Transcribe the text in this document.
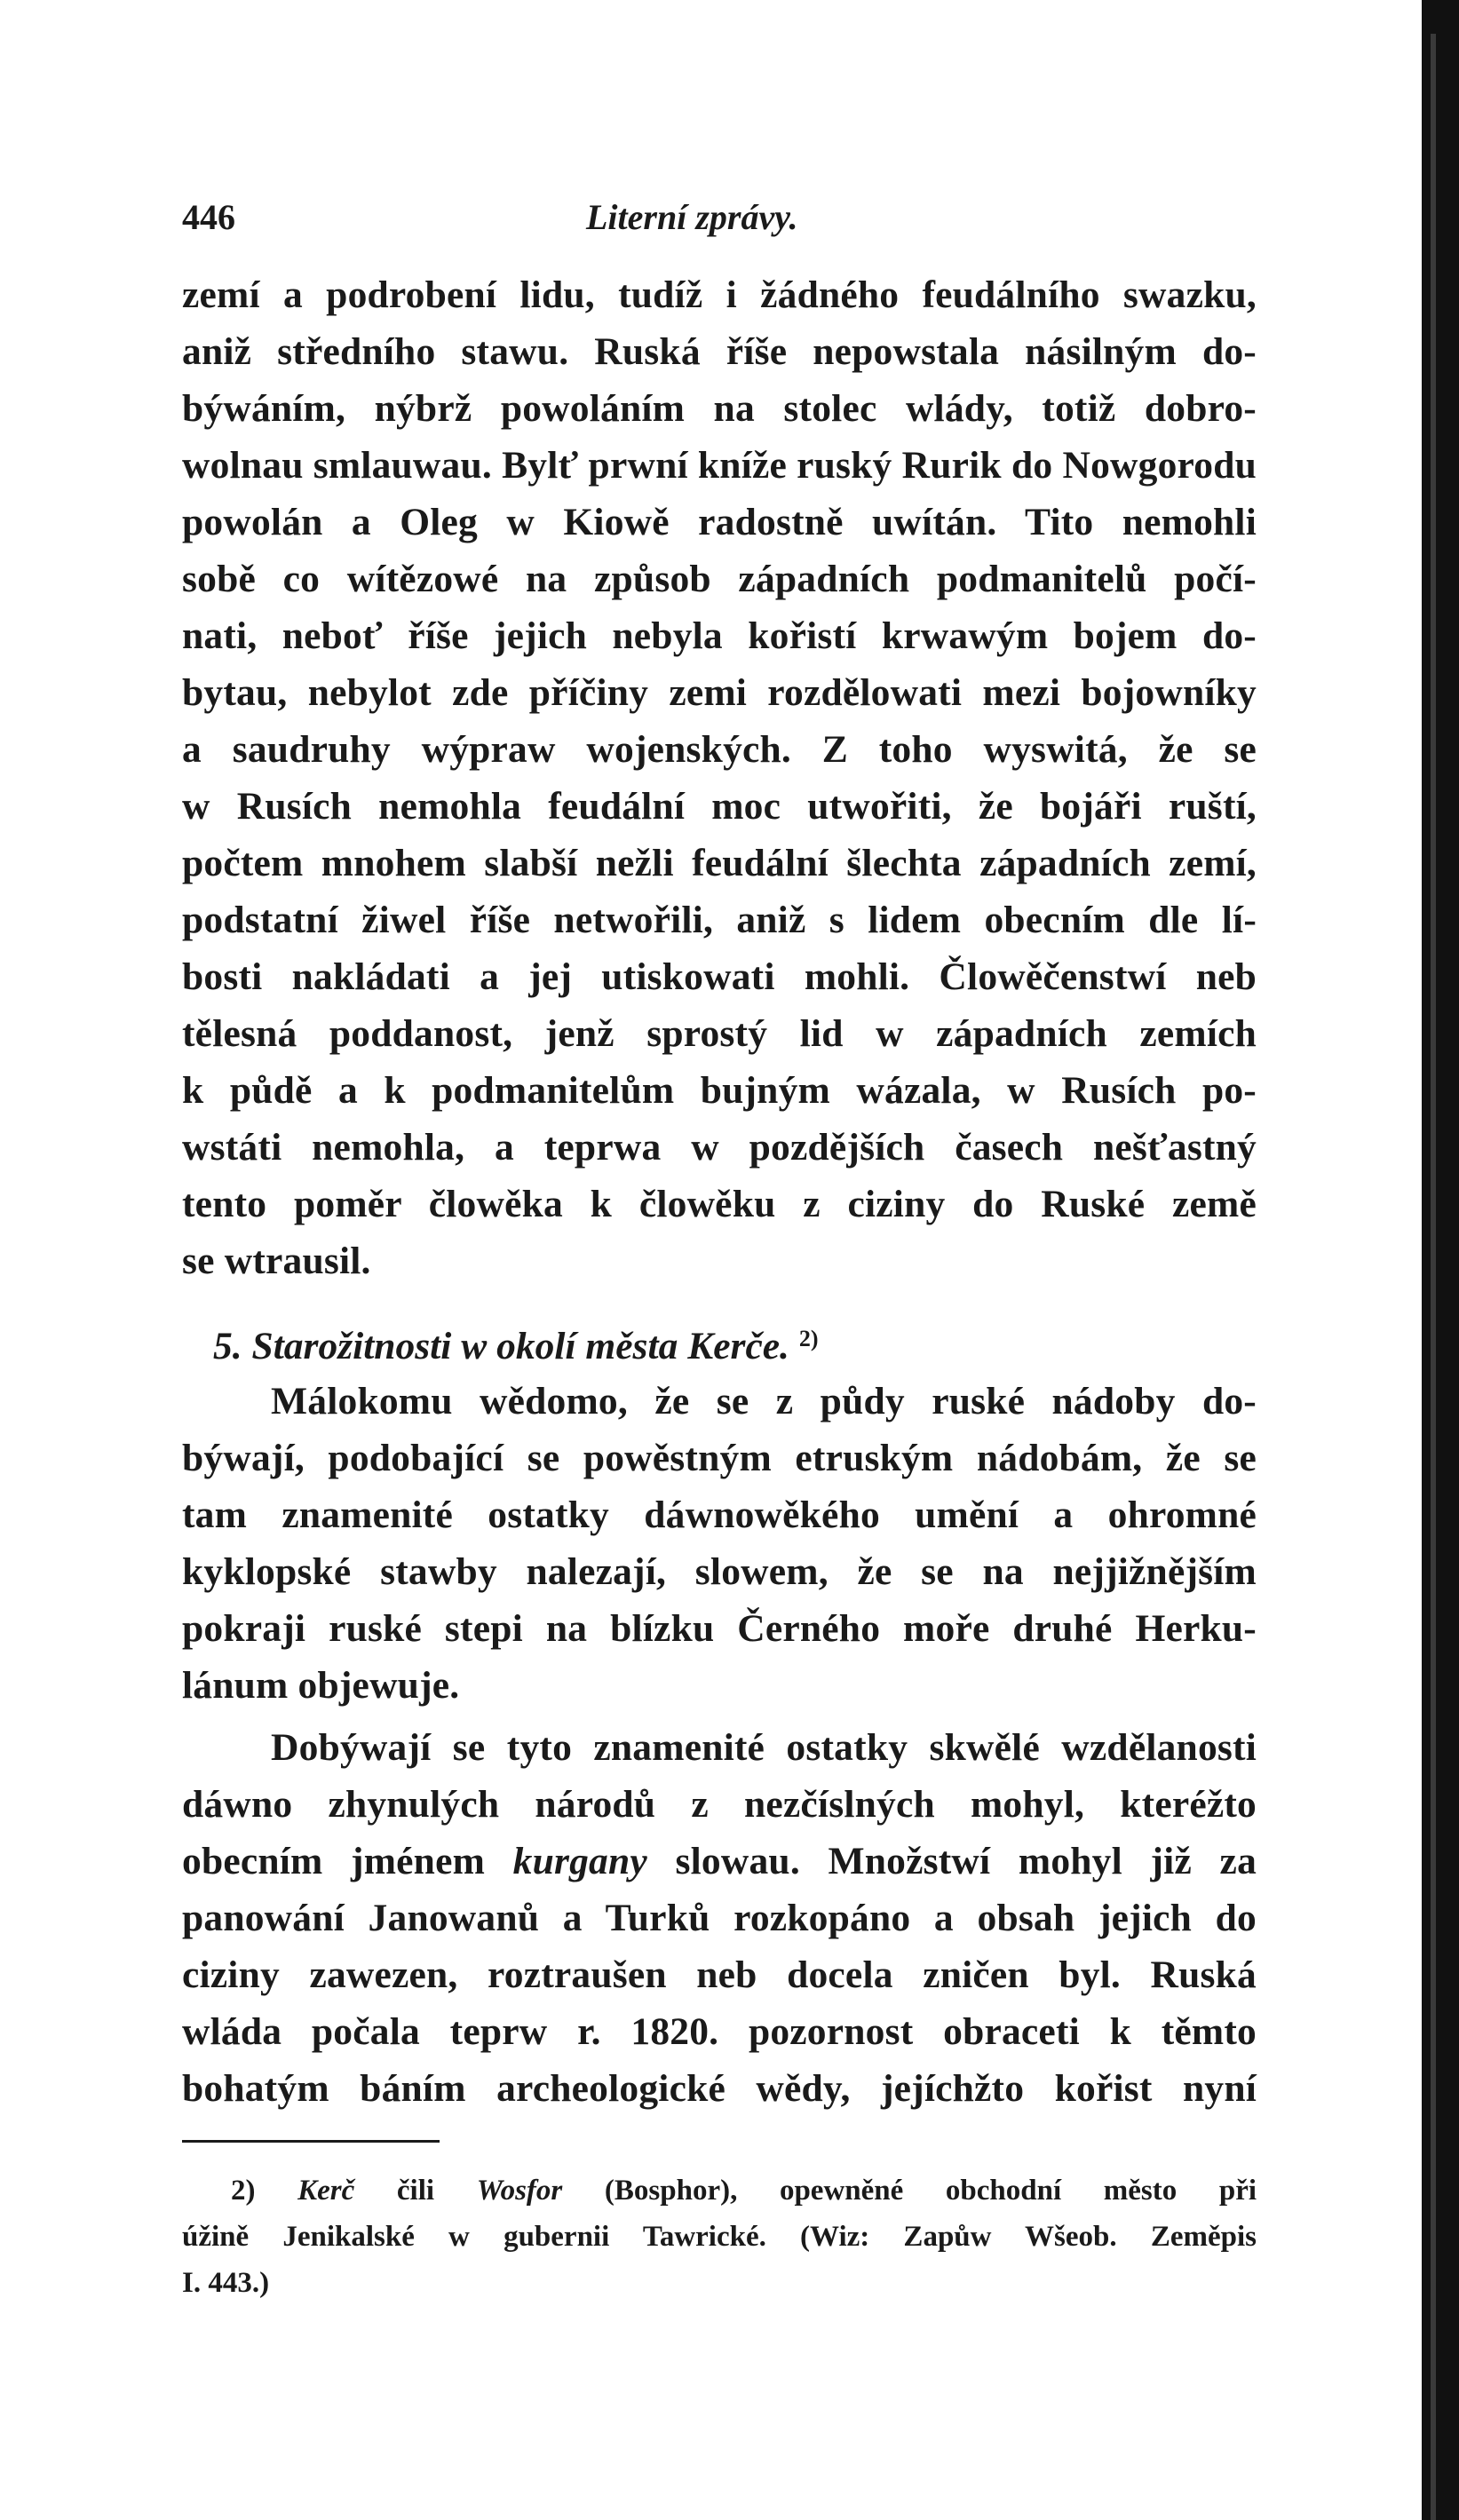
446	Literní zprávy.
zemí a podrobení lidu, tudíž i žádného feudálního swazku,
aniž středního stawu. Ruská říše nepowstala násilným do-
býwáním, nýbrž powoláním na stolec wlády, totiž dobro-
wolnau smlauwau. Bylť prwní kníže ruský Rurik do Nowgorodu
powolán a Oleg w Kiowě radostně uwítán. Tito nemohli
sobě co wítězowé na způsob západních podmanitelů počí-
nati, neboť říše jejich nebyla kořistí krwawým bojem do-
bytau, nebylot zde příčiny zemi rozdělowati mezi bojowníky
a saudruhy wýpraw wojenských. Z toho wyswitá, že se
w Rusích nemohla feudální moc utwořiti, že bojáři ruští,
počtem mnohem slabší nežli feudální šlechta západních zemí,
podstatní žiwel říše netwořili, aniž s lidem obecním dle lí-
bosti nakládati a jej utiskowati mohli. Člowěčenstwí neb
tělesná poddanost, jenž sprostý lid w západních zemích
k půdě a k podmanitelům bujným wázala, w Rusích po-
wstáti nemohla, a teprwa w pozdějších časech nešťastný
tento poměr člowěka k člowěku z ciziny do Ruské země
se wtrausil.
5. Starožitnosti w okolí města Kerče. $^{2)}$
Málokomu wědomo, že se z půdy ruské nádoby do-
býwají, podobající se powěstným etruským nádobám, že se
tam znamenité ostatky dáwnowěkého umění a ohromné
kyklopské stawby nalezají, slowem, že se na nejjižnějším
pokraji ruské stepi na blízku Černého moře druhé Herku-
lánum objewuje.
Dobýwají se tyto znamenité ostatky skwělé wzdělanosti
dáwno zhynulých národů z nezčíslných mohyl, kteréžto
obecním jménem kurgany slowau. Množstwí mohyl již za
panowání Janowanů a Turků rozkopáno a obsah jejich do
ciziny zawezen, roztraušen neb docela zničen byl. Ruská
wláda počala teprw r. 1820. pozornost obraceti k těmto
bohatým báním archeologické wědy, jejíchžto kořist nyní
2) Kerč čili Wosfor (Bosphor), opewněné obchodní město při
úžině Jenikalské w gubernii Tawrické. (Wiz: Zapůw Wšeob. Zeměpis
I. 443.)
